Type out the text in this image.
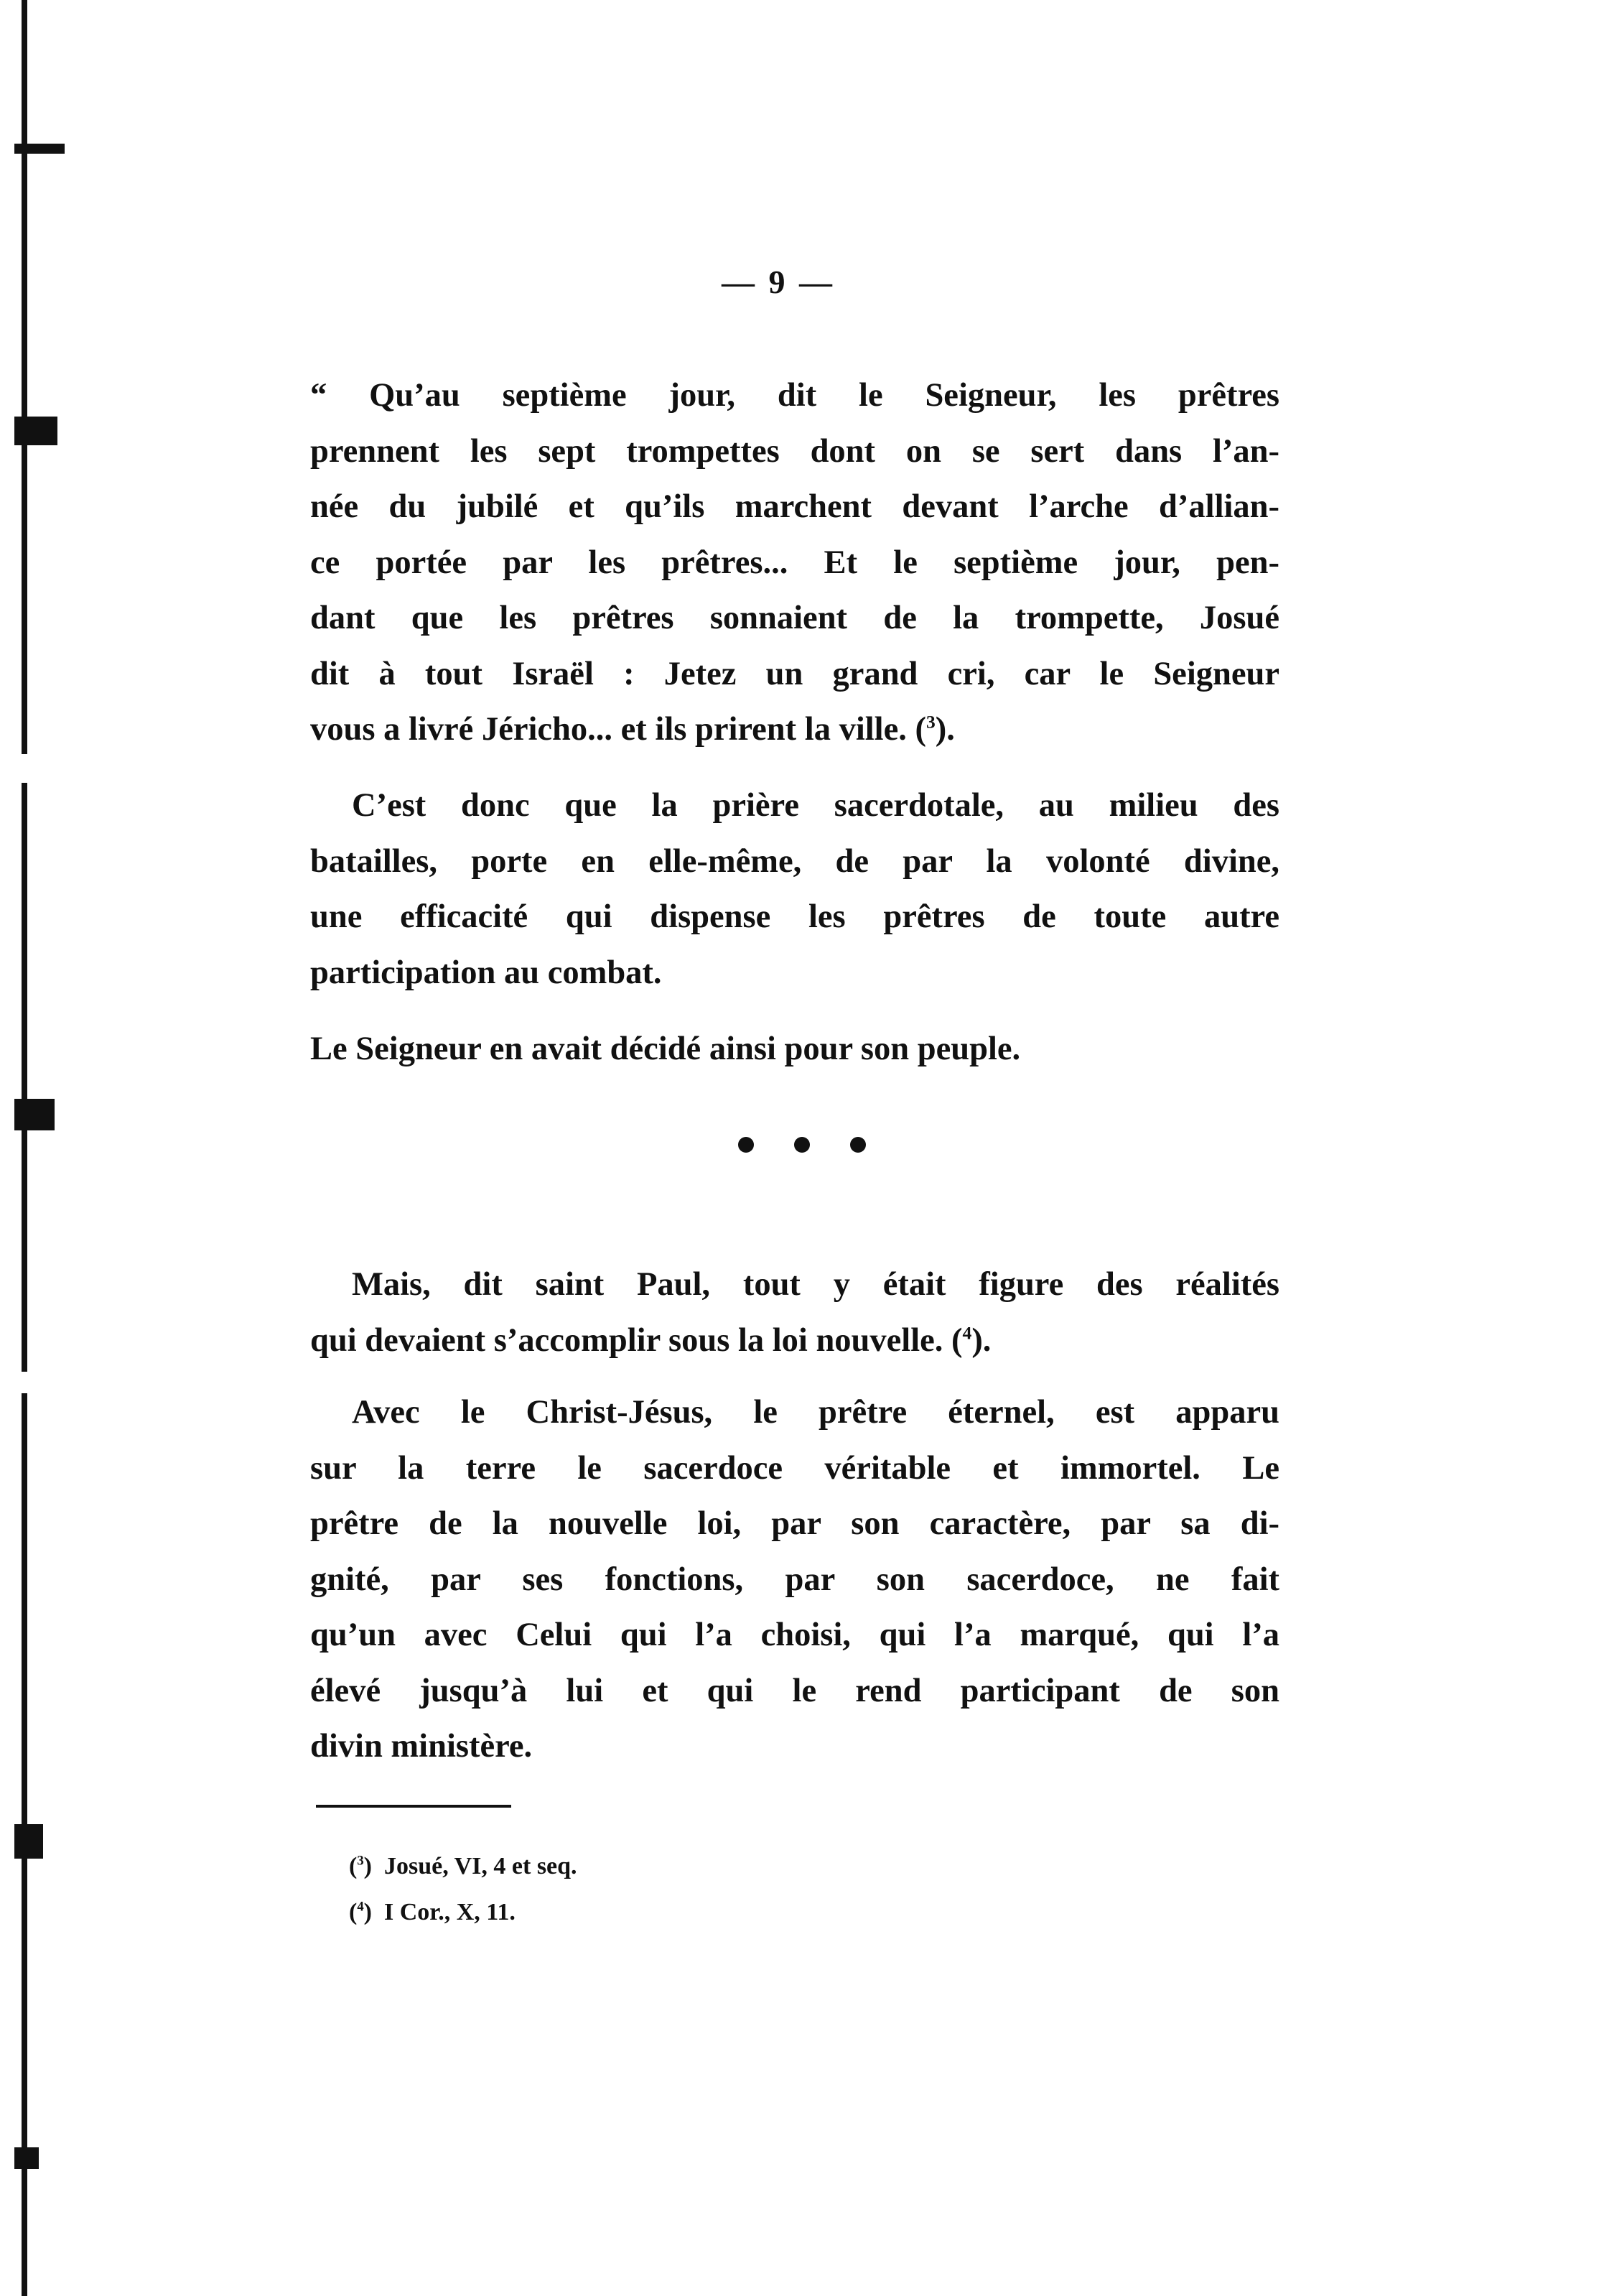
— 9 —

“ Qu’au septième jour, dit le Seigneur, les prêtres
prennent les sept trompettes dont on se sert dans l’an-
née du jubilé et qu’ils marchent devant l’arche d’allian-
ce portée par les prêtres... Et le septième jour, pen-
dant que les prêtres sonnaient de la trompette, Josué
dit à tout Israël : Jetez un grand cri, car le Seigneur
vous a livré Jéricho... et ils prirent la ville. ($^3$).

C’est donc que la prière sacerdotale, au milieu des
batailles, porte en elle-même, de par la volonté divine,
une efficacité qui dispense les prêtres de toute autre
participation au combat.

Le Seigneur en avait décidé ainsi pour son peuple.

Mais, dit saint Paul, tout y était figure des réalités
qui devaient s’accomplir sous la loi nouvelle. ($^4$).

Avec le Christ-Jésus, le prêtre éternel, est apparu
sur la terre le sacerdoce véritable et immortel. Le
prêtre de la nouvelle loi, par son caractère, par sa di-
gnité, par ses fonctions, par son sacerdoce, ne fait
qu’un avec Celui qui l’a choisi, qui l’a marqué, qui l’a
élevé jusqu’à lui et qui le rend participant de son
divin ministère.

($^3$) Josué, VI, 4 et seq.
($^4$) I Cor., X, 11.
